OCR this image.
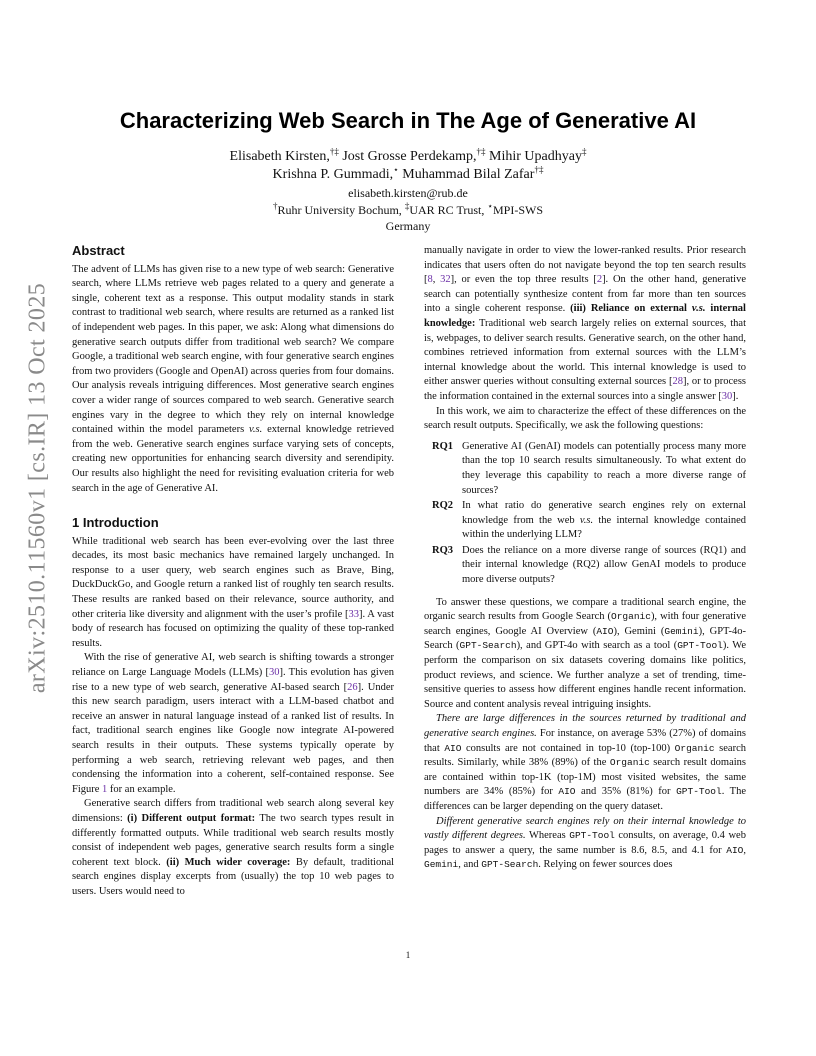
arXiv:2510.11560v1 [cs.IR] 13 Oct 2025
Characterizing Web Search in The Age of Generative AI
Elisabeth Kirsten,†‡ Jost Grosse Perdekamp,†‡ Mihir Upadhyay‡
Krishna P. Gummadi,⋆ Muhammad Bilal Zafar†‡
elisabeth.kirsten@rub.de
†Ruhr University Bochum, ‡UAR RC Trust, ⋆MPI-SWS
Germany
Abstract

The advent of LLMs has given rise to a new type of web search: Generative search, where LLMs retrieve web pages related to a query and generate a single, coherent text as a response. This output modality stands in stark contrast to traditional web search, where results are returned as a ranked list of independent web pages. In this paper, we ask: Along what dimensions do generative search outputs differ from traditional web search? We compare Google, a traditional web search engine, with four generative search engines from two providers (Google and OpenAI) across queries from four domains. Our analysis reveals intriguing differences. Most generative search engines cover a wider range of sources compared to web search. Generative search engines vary in the degree to which they rely on internal knowledge contained within the model parameters v.s. external knowledge retrieved from the web. Generative search engines surface varying sets of concepts, creating new opportunities for enhancing search diversity and serendipity. Our results also highlight the need for revisiting evaluation criteria for web search in the age of Generative AI.

1 Introduction

While traditional web search has been ever-evolving over the last three decades, its most basic mechanics have remained largely unchanged. In response to a user query, web search engines such as Brave, Bing, DuckDuckGo, and Google return a ranked list of roughly ten search results. These results are ranked based on their relevance, source authority, and other criteria like diversity and alignment with the user’s profile [33]. A vast body of research has focused on optimizing the quality of these top-ranked results.

With the rise of generative AI, web search is shifting towards a stronger reliance on Large Language Models (LLMs) [30]. This evolution has given rise to a new type of web search, generative AI-based search [26]. Under this new search paradigm, users interact with a LLM-based chatbot and receive an answer in natural language instead of a ranked list of results. In fact, traditional search engines like Google now integrate AI-powered search results in their outputs. These systems typically operate by performing a web search, retrieving relevant web pages, and then condensing the information into a coherent, self-contained response. See Figure 1 for an example.

Generative search differs from traditional web search along several key dimensions: (i) Different output format: The two search types result in differently formatted outputs. While traditional web search results mostly consist of independent web pages, generative search results form a single coherent text block. (ii) Much wider coverage: By default, traditional search engines display excerpts from (usually) the top 10 web pages to users. Users would need to

manually navigate in order to view the lower-ranked results. Prior research indicates that users often do not navigate beyond the top ten search results [8, 32], or even the top three results [2]. On the other hand, generative search can potentially synthesize content from far more than ten sources into a single coherent response. (iii) Reliance on external v.s. internal knowledge: Traditional web search largely relies on external sources, that is, webpages, to deliver search results. Generative search, on the other hand, combines retrieved information from external sources with the LLM’s internal knowledge about the world. This internal knowledge is used to either answer queries without consulting external sources [28], or to process the information contained in the external sources into a single answer [30].

In this work, we aim to characterize the effect of these differences on the search result outputs. Specifically, we ask the following questions:

RQ1 Generative AI (GenAI) models can potentially process many more than the top 10 search results simultaneously. To what extent do they leverage this capability to reach a more diverse range of sources?
RQ2 In what ratio do generative search engines rely on external knowledge from the web v.s. the internal knowledge contained within the underlying LLM?
RQ3 Does the reliance on a more diverse range of sources (RQ1) and their internal knowledge (RQ2) allow GenAI models to produce more diverse outputs?

To answer these questions, we compare a traditional search engine, the organic search results from Google Search (Organic), with four generative search engines, Google AI Overview (AIO), Gemini (Gemini), GPT-4o-Search (GPT-Search), and GPT-4o with search as a tool (GPT-Tool). We perform the comparison on six datasets covering domains like politics, product reviews, and science. We further analyze a set of trending, time-sensitive queries to assess how different engines handle recent information. Source and content analysis reveal intriguing insights.

There are large differences in the sources returned by traditional and generative search engines. For instance, on average 53% (27%) of domains that AIO consults are not contained in top-10 (top-100) Organic search results. Similarly, while 38% (89%) of the Organic search result domains are contained within top-1K (top-1M) most visited websites, the same numbers are 34% (85%) for AIO and 35% (81%) for GPT-Tool. The differences can be larger depending on the query dataset.

Different generative search engines rely on their internal knowledge to vastly different degrees. Whereas GPT-Tool consults, on average, 0.4 web pages to answer a query, the same number is 8.6, 8.5, and 4.1 for AIO, Gemini, and GPT-Search. Relying on fewer sources does

1
